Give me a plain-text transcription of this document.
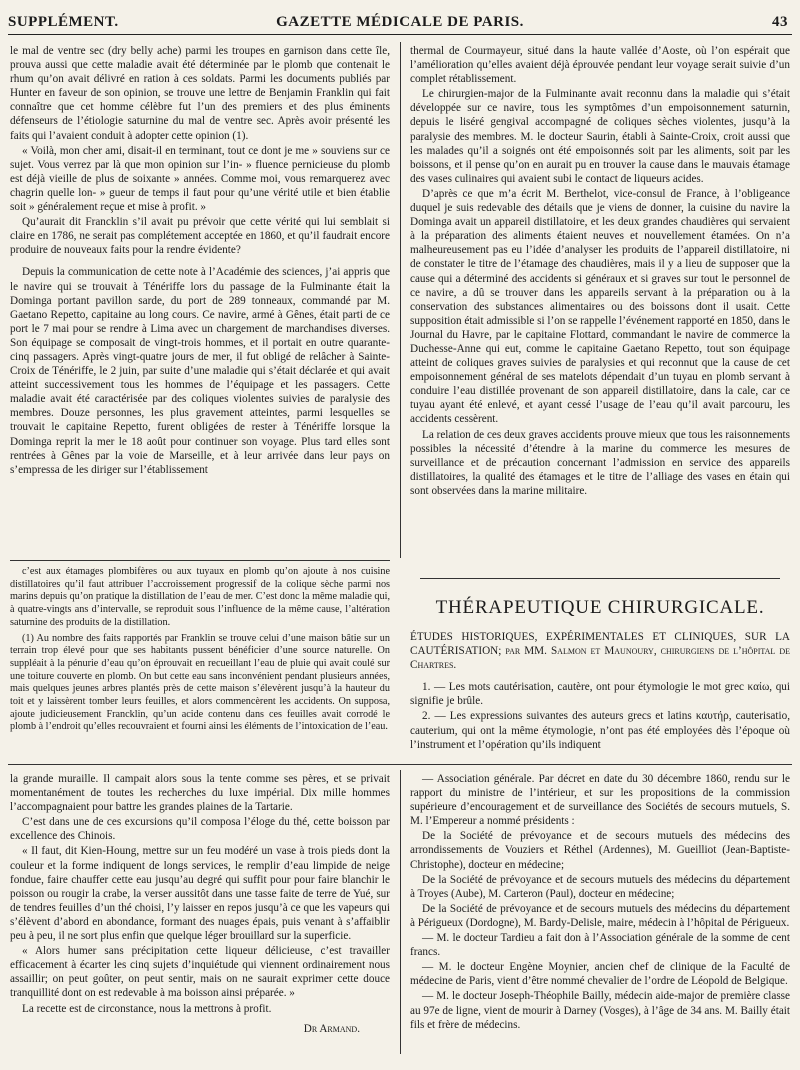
SUPPLÉMENT.	GAZETTE MÉDICALE DE PARIS.	43

le mal de ventre sec (dry belly ache) parmi les troupes en garnison dans cette île, prouva aussi que cette maladie avait été déterminée par le plomb que contenait le rhum qu’on avait délivré en ration à ces soldats. Parmi les documents publiés par Hunter en faveur de son opinion, se trouve une lettre de Benjamin Franklin qui fait connaître que cet homme célèbre fut l’un des premiers et des plus éminents défenseurs de l’étiologie saturnine du mal de ventre sec. Après avoir présenté les faits qui l’avaient conduit à adopter cette opinion (1).

« Voilà, mon cher ami, disait-il en terminant, tout ce dont je me » souviens sur ce sujet. Vous verrez par là que mon opinion sur l’in- » fluence pernicieuse du plomb est déjà vieille de plus de soixante » années. Comme moi, vous remarquerez avec chagrin quelle lon- » gueur de temps il faut pour qu’une vérité utile et bien établie soit » généralement reçue et mise à profit. »

Qu’aurait dit Francklin s’il avait pu prévoir que cette vérité qui lui semblait si claire en 1786, ne serait pas complétement acceptée en 1860, et qu’il faudrait encore produire de nouveaux faits pour la rendre évidente?

Depuis la communication de cette note à l’Académie des sciences, j’ai appris que le navire qui se trouvait à Ténériffe lors du passage de la Fulminante était la Dominga portant pavillon sarde, du port de 289 tonneaux, commandé par M. Gaetano Repetto, capitaine au long cours. Ce navire, armé à Gênes, était parti de ce port le 7 mai pour se rendre à Lima avec un chargement de marchandises diverses. Son équipage se composait de vingt-trois hommes, et il portait en outre quarante-cinq passagers. Après vingt-quatre jours de mer, il fut obligé de relâcher à Sainte-Croix de Ténériffe, le 2 juin, par suite d’une maladie qui s’était déclarée et qui avait atteint successivement tous les hommes de l’équipage et les passagers. Cette maladie avait été caractérisée par des coliques violentes suivies de paralysie des membres. Douze personnes, les plus gravement atteintes, parmi lesquelles se trouvait le capitaine Repetto, furent obligées de rester à Ténériffe lorsque la Dominga reprit la mer le 18 août pour continuer son voyage. Plus tard elles sont rentrées à Gênes par la voie de Marseille, et à leur arrivée dans leur pays on s’empressa de les diriger sur l’établissement

thermal de Courmayeur, situé dans la haute vallée d’Aoste, où l’on espérait que l’amélioration qu’elles avaient déjà éprouvée pendant leur voyage serait suivie d’un complet rétablissement.

Le chirurgien-major de la Fulminante avait reconnu dans la maladie qui s’était développée sur ce navire, tous les symptômes d’un empoisonnement saturnin, depuis le liséré gengival accompagné de coliques sèches violentes, jusqu’à la paralysie des membres. M. le docteur Saurin, établi à Sainte-Croix, croit aussi que les malades qu’il a soignés ont été empoisonnés soit par les aliments, soit par les boissons, et il pense qu’on en aurait pu en trouver la cause dans le mauvais étamage des vases culinaires qui avaient subi le contact de liqueurs acides.

D’après ce que m’a écrit M. Berthelot, vice-consul de France, à l’obligeance duquel je suis redevable des détails que je viens de donner, la cuisine du navire la Dominga avait un appareil distillatoire, et les deux grandes chaudières qui servaient à la préparation des aliments étaient neuves et nouvellement étamées. On n’a malheureusement pas eu l’idée d’analyser les produits de l’appareil distillatoire, ni de constater le titre de l’étamage des chaudières, mais il y a lieu de supposer que la cause qui a déterminé des accidents si généraux et si graves sur tout le personnel de ce navire, a dû se trouver dans les appareils servant à la préparation ou à la conservation des substances alimentaires ou des boissons dont il usait. Cette supposition était admissible si l’on se rappelle l’événement rapporté en 1850, dans le Journal du Havre, par le capitaine Flottard, commandant le navire de commerce la Duchesse-Anne qui eut, comme le capitaine Gaetano Repetto, tout son équipage atteint de coliques graves suivies de paralysies et qui reconnut que la cause de cet empoisonnement général de ses matelots dépendait d’un tuyau en plomb servant à conduire l’eau distillée provenant de son appareil distillatoire, dans la cale, car ce tuyau ayant été enlevé, et ayant cessé l’usage de l’eau qu’il avait parcouru, les accidents cessèrent.

La relation de ces deux graves accidents prouve mieux que tous les raisonnements possibles la nécessité d’étendre à la marine du commerce les mesures de surveillance et de précaution concernant l’admission en service des appareils distillatoires, la qualité des étamages et le titre de l’alliage des vases en étain qui sont observées dans la marine militaire.

c’est aux étamages plombifères ou aux tuyaux en plomb qu’on ajoute à nos cuisine distillatoires qu’il faut attribuer l’accroissement progressif de la colique sèche parmi nos marins depuis qu’on pratique la distillation de l’eau de mer. C’est donc la même maladie qui, à quatre-vingts ans d’intervalle, se reproduit sous l’influence de la même cause, l’altération saturnine des produits de la distillation.

(1) Au nombre des faits rapportés par Franklin se trouve celui d’une maison bâtie sur un terrain trop élevé pour que ses habitants pussent bénéficier d’une source naturelle. On suppléait à la pénurie d’eau qu’on éprouvait en recueillant l’eau de pluie qui avait coulé sur une toiture couverte en plomb. On but cette eau sans inconvénient pendant plusieurs années, mais quelques jeunes arbres plantés près de cette maison s’élevèrent jusqu’à la hauteur du toit et y laissèrent tomber leurs feuilles, et alors commencèrent les accidents. On supposa, ajoute judicieusement Francklin, qu’un acide contenu dans ces feuilles avait corrodé le plomb à l’endroit qu’elles recouvraient et fourni ainsi les éléments de l’intoxication de l’eau.

THÉRAPEUTIQUE CHIRURGICALE.

ÉTUDES HISTORIQUES, EXPÉRIMENTALES ET CLINIQUES, SUR LA CAUTÉRISATION; par MM. Salmon et Maunoury, chirurgiens de l’hôpital de Chartres.

1. — Les mots cautérisation, cautère, ont pour étymologie le mot grec καίω, qui signifie je brûle.

2. — Les expressions suivantes des auteurs grecs et latins καυτήρ, cauterisatio, cauterium, qui ont la même étymologie, n’ont pas été employées dès l’époque où l’instrument et l’opération qu’ils indiquent

la grande muraille. Il campait alors sous la tente comme ses pères, et se privait momentanément de toutes les recherches du luxe impérial. Dix mille hommes l’accompagnaient pour battre les grandes plaines de la Tartarie.

C’est dans une de ces excursions qu’il composa l’éloge du thé, cette boisson par excellence des Chinois.

« Il faut, dit Kien-Houng, mettre sur un feu modéré un vase à trois pieds dont la couleur et la forme indiquent de longs services, le remplir d’eau limpide de neige fondue, faire chauffer cette eau jusqu’au degré qui suffit pour pour faire blanchir le poisson ou rougir la crabe, la verser aussitôt dans une tasse faite de terre de Yué, sur de tendres feuilles d’un thé choisi, l’y laisser en repos jusqu’à ce que les vapeurs qui s’élèvent d’abord en abondance, formant des nuages épais, puis venant à s’affaiblir peu à peu, il ne sort plus enfin que quelque léger brouillard sur la superficie.

« Alors humer sans précipitation cette liqueur délicieuse, c’est travailler efficacement à écarter les cinq sujets d’inquiétude qui viennent ordinairement nous assaillir; on peut goûter, on peut sentir, mais on ne saurait exprimer cette douce tranquillité dont on est redevable à ma boisson ainsi préparée. »

La recette est de circonstance, nous la mettrons à profit.

Dr Armand.

— Association générale. Par décret en date du 30 décembre 1860, rendu sur le rapport du ministre de l’intérieur, et sur les propositions de la commission supérieure d’encouragement et de surveillance des Sociétés de secours mutuels, S. M. l’Empereur a nommé présidents :

De la Société de prévoyance et de secours mutuels des médecins des arrondissements de Vouziers et Réthel (Ardennes), M. Gueilliot (Jean-Baptiste-Christophe), docteur en médecine;

De la Société de prévoyance et de secours mutuels des médecins du département à Troyes (Aube), M. Carteron (Paul), docteur en médecine;

De la Société de prévoyance et de secours mutuels des médecins du département à Périgueux (Dordogne), M. Bardy-Delisle, maire, médecin à l’hôpital de Périgueux.

— M. le docteur Tardieu a fait don à l’Association générale de la somme de cent francs.

— M. le docteur Engène Moynier, ancien chef de clinique de la Faculté de médecine de Paris, vient d’être nommé chevalier de l’ordre de Léopold de Belgique.

— M. le docteur Joseph-Théophile Bailly, médecin aide-major de première classe au 97e de ligne, vient de mourir à Darney (Vosges), à l’âge de 34 ans. M. Bailly était fils et frère de médecins.
